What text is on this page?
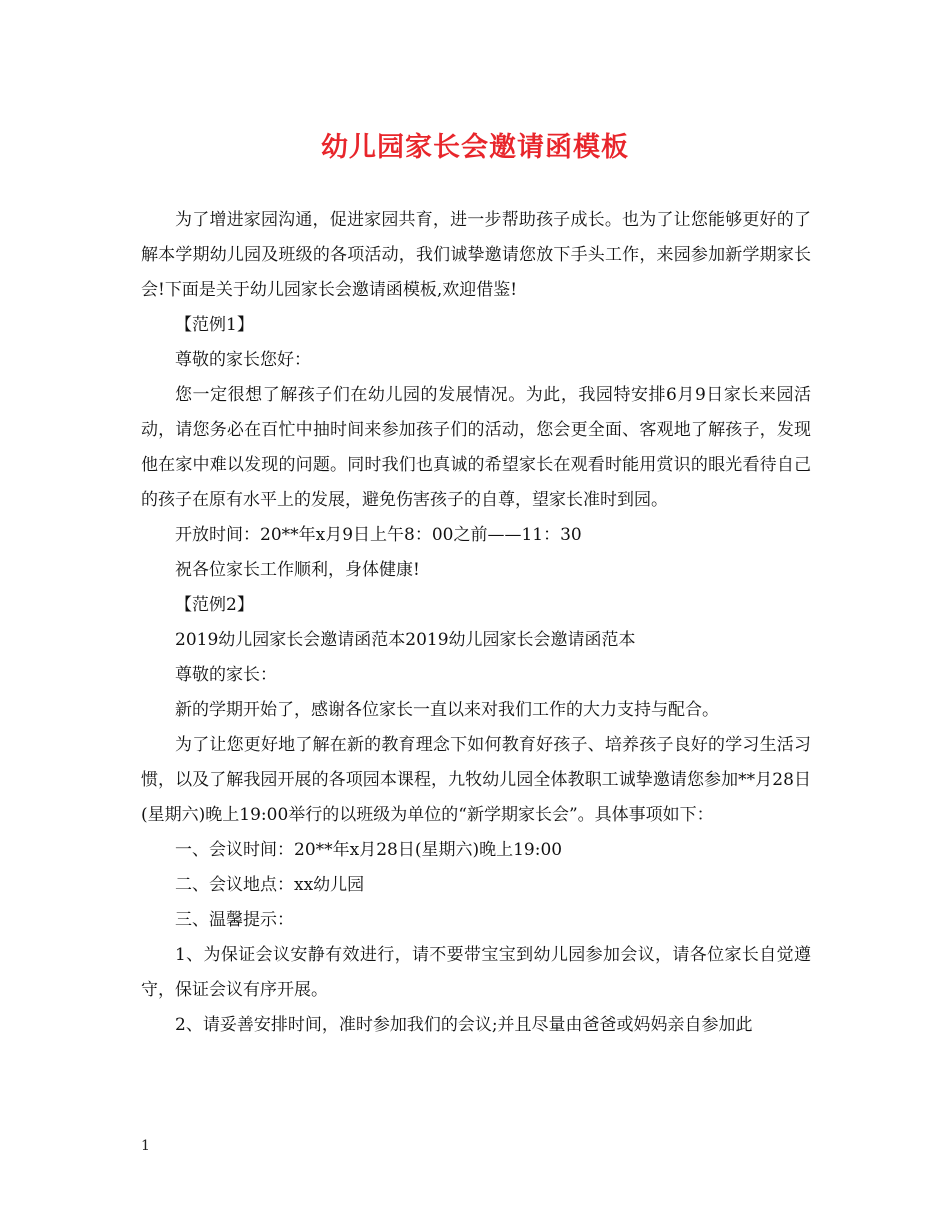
幼儿园家长会邀请函模板

为了增进家园沟通，促进家园共育，进一步帮助孩子成长。也为了让您能够更好的了解本学期幼儿园及班级的各项活动，我们诚挚邀请您放下手头工作，来园参加新学期家长会!下面是关于幼儿园家长会邀请函模板,欢迎借鉴!

【范例1】

尊敬的家长您好：

您一定很想了解孩子们在幼儿园的发展情况。为此，我园特安排6月9日家长来园活动，请您务必在百忙中抽时间来参加孩子们的活动，您会更全面、客观地了解孩子，发现他在家中难以发现的问题。同时我们也真诚的希望家长在观看时能用赏识的眼光看待自己的孩子在原有水平上的发展，避免伤害孩子的自尊，望家长准时到园。

开放时间：20**年x月9日上午8：00之前——11：30

祝各位家长工作顺利，身体健康!

【范例2】

2019幼儿园家长会邀请函范本2019幼儿园家长会邀请函范本

尊敬的家长：

新的学期开始了，感谢各位家长一直以来对我们工作的大力支持与配合。

为了让您更好地了解在新的教育理念下如何教育好孩子、培养孩子良好的学习生活习惯，以及了解我园开展的各项园本课程，九牧幼儿园全体教职工诚挚邀请您参加**月28日(星期六)晚上19:00举行的以班级为单位的“新学期家长会”。具体事项如下：

一、会议时间：20**年x月28日(星期六)晚上19:00

二、会议地点：xx幼儿园

三、温馨提示：

1、为保证会议安静有效进行，请不要带宝宝到幼儿园参加会议，请各位家长自觉遵守，保证会议有序开展。

2、请妥善安排时间，准时参加我们的会议;并且尽量由爸爸或妈妈亲自参加此

1
